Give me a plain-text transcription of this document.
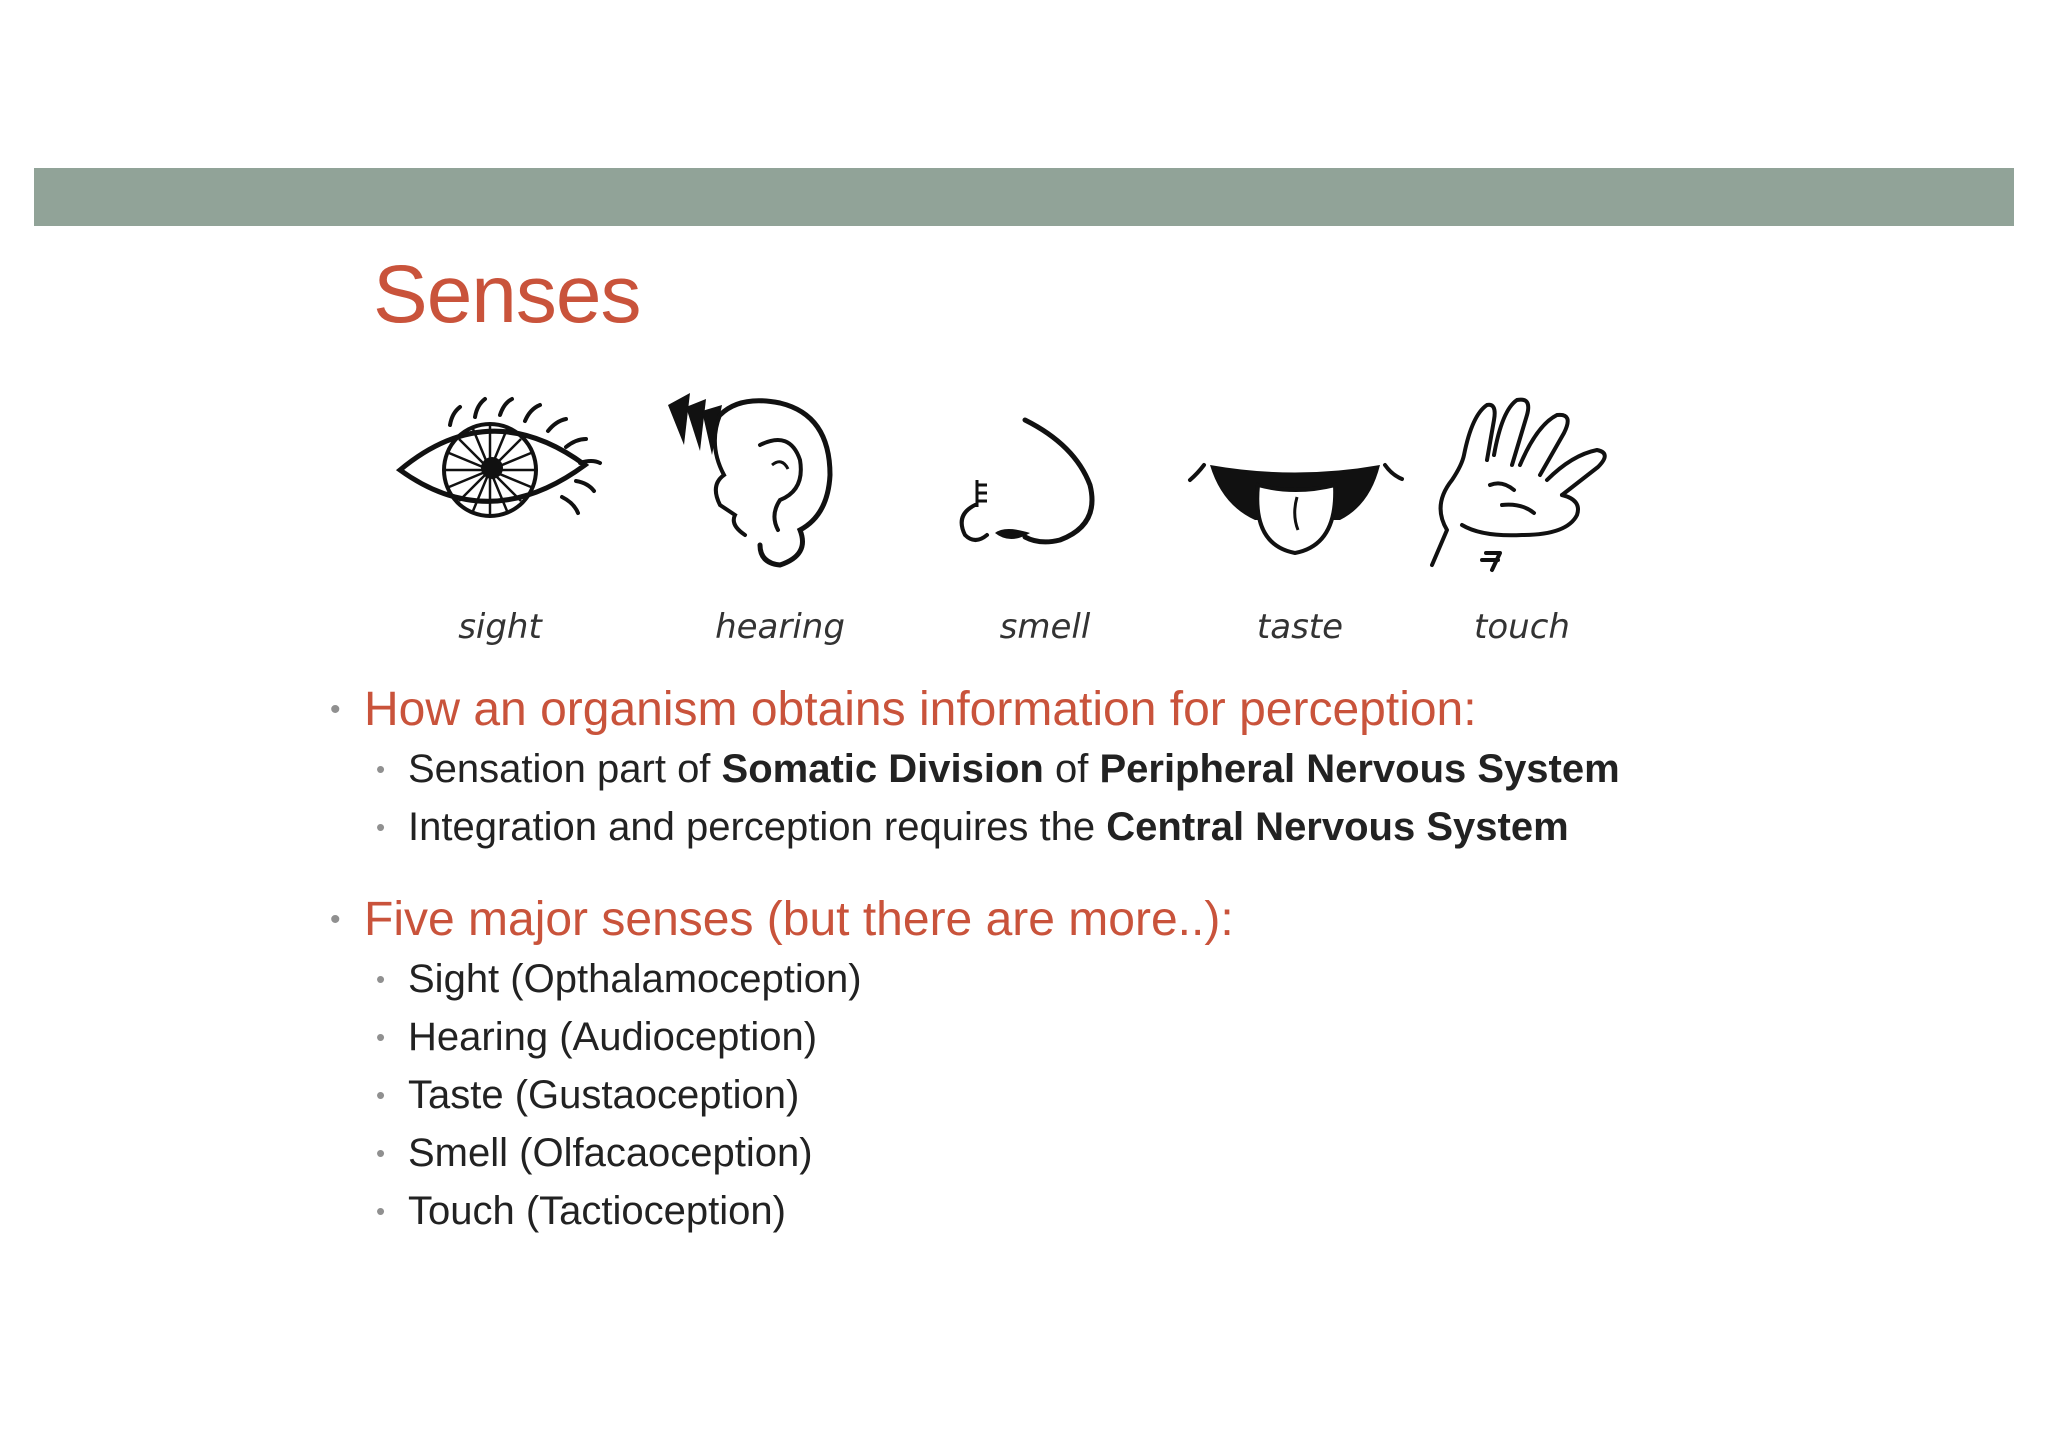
Senses
sight	hearing	smell	taste	touch
• How an organism obtains information for perception:
• Sensation part of Somatic Division of Peripheral Nervous System
• Integration and perception requires the Central Nervous System
• Five major senses (but there are more..):
• Sight (Opthalamoception)
• Hearing (Audioception)
• Taste (Gustaoception)
• Smell (Olfacaoception)
• Touch (Tactioception)
